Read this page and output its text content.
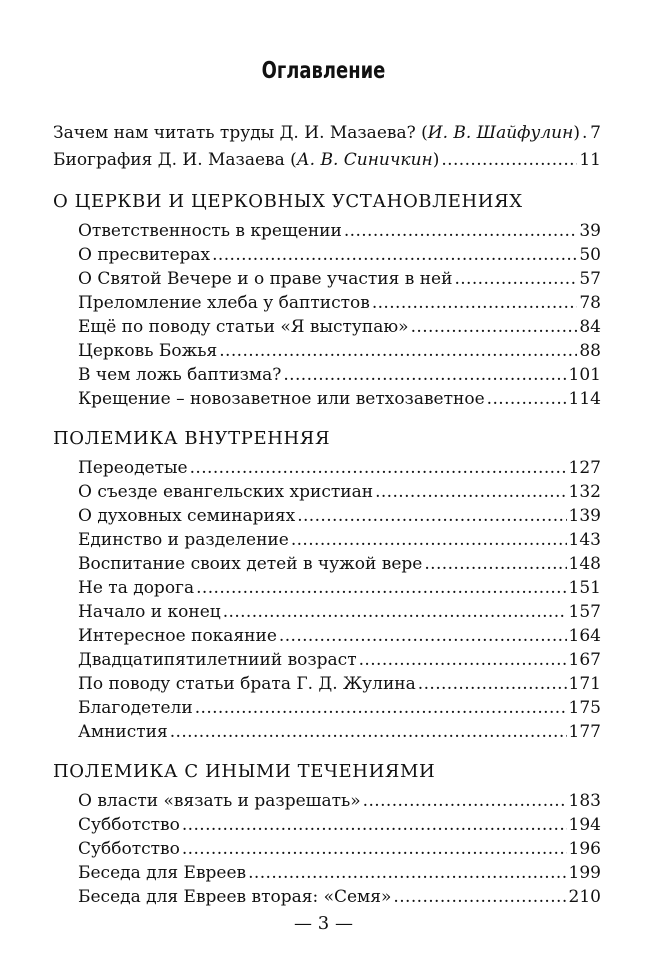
Оглавление
Зачем нам читать труды Д. И. Мазаева? (И. В. Шайфулин) . . . 7
Биография Д. И. Мазаева (А. В. Синичкин) . . .	11
О ЦЕРКВИ И ЦЕРКОВНЫХ УСТАНОВЛЕНИЯХ
Ответственность в крещении . . .	39
О пресвитерах . . .	50
О Святой Вечере и о праве участия в ней . . .	57
Преломление хлеба у баптистов . . .	78
Ещё по поводу статьи «Я выступаю» . . .	84
Церковь Божья . . .	88
В чем ложь баптизма? . . .	101
Крещение – новозаветное или ветхозаветное . . .	114
ПОЛЕМИКА ВНУТРЕННЯЯ
Переодетые . . .	127
О съезде евангельских христиан . . .	132
О духовных семинариях . . .	139
Единство и разделение . . .	143
Воспитание своих детей в чужой вере . . .	148
Не та дорога . . .	151
Начало и конец . . .	157
Интересное покаяние . . .	164
Двадцатипятилетниий возраст . . .	167
По поводу статьи брата Г. Д. Жулина . . .	171
Благодетели . . .	175
Амнистия . . .	177
ПОЛЕМИКА С ИНЫМИ ТЕЧЕНИЯМИ
О власти «вязать и разрешать» . . .	183
Субботство . . .	194
Субботство . . .	196
Беседа для Евреев . . .	199
Беседа для Евреев вторая: «Семя» . . .	210
— 3 —
